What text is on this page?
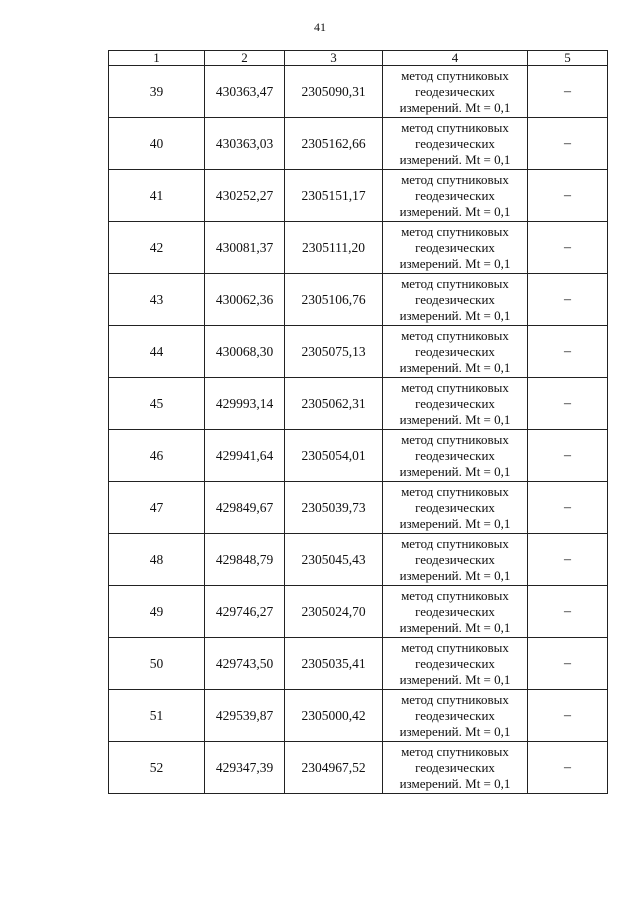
41
1	2	3	4	5
39	430363,47	2305090,31	метод спутниковых
геодезических
измерений. Mt = 0,1	–
40	430363,03	2305162,66	метод спутниковых
геодезических
измерений. Mt = 0,1	–
41	430252,27	2305151,17	метод спутниковых
геодезических
измерений. Mt = 0,1	–
42	430081,37	2305111,20	метод спутниковых
геодезических
измерений. Mt = 0,1	–
43	430062,36	2305106,76	метод спутниковых
геодезических
измерений. Mt = 0,1	–
44	430068,30	2305075,13	метод спутниковых
геодезических
измерений. Mt = 0,1	–
45	429993,14	2305062,31	метод спутниковых
геодезических
измерений. Mt = 0,1	–
46	429941,64	2305054,01	метод спутниковых
геодезических
измерений. Mt = 0,1	–
47	429849,67	2305039,73	метод спутниковых
геодезических
измерений. Mt = 0,1	–
48	429848,79	2305045,43	метод спутниковых
геодезических
измерений. Mt = 0,1	–
49	429746,27	2305024,70	метод спутниковых
геодезических
измерений. Mt = 0,1	–
50	429743,50	2305035,41	метод спутниковых
геодезических
измерений. Mt = 0,1	–
51	429539,87	2305000,42	метод спутниковых
геодезических
измерений. Mt = 0,1	–
52	429347,39	2304967,52	метод спутниковых
геодезических
измерений. Mt = 0,1	–
